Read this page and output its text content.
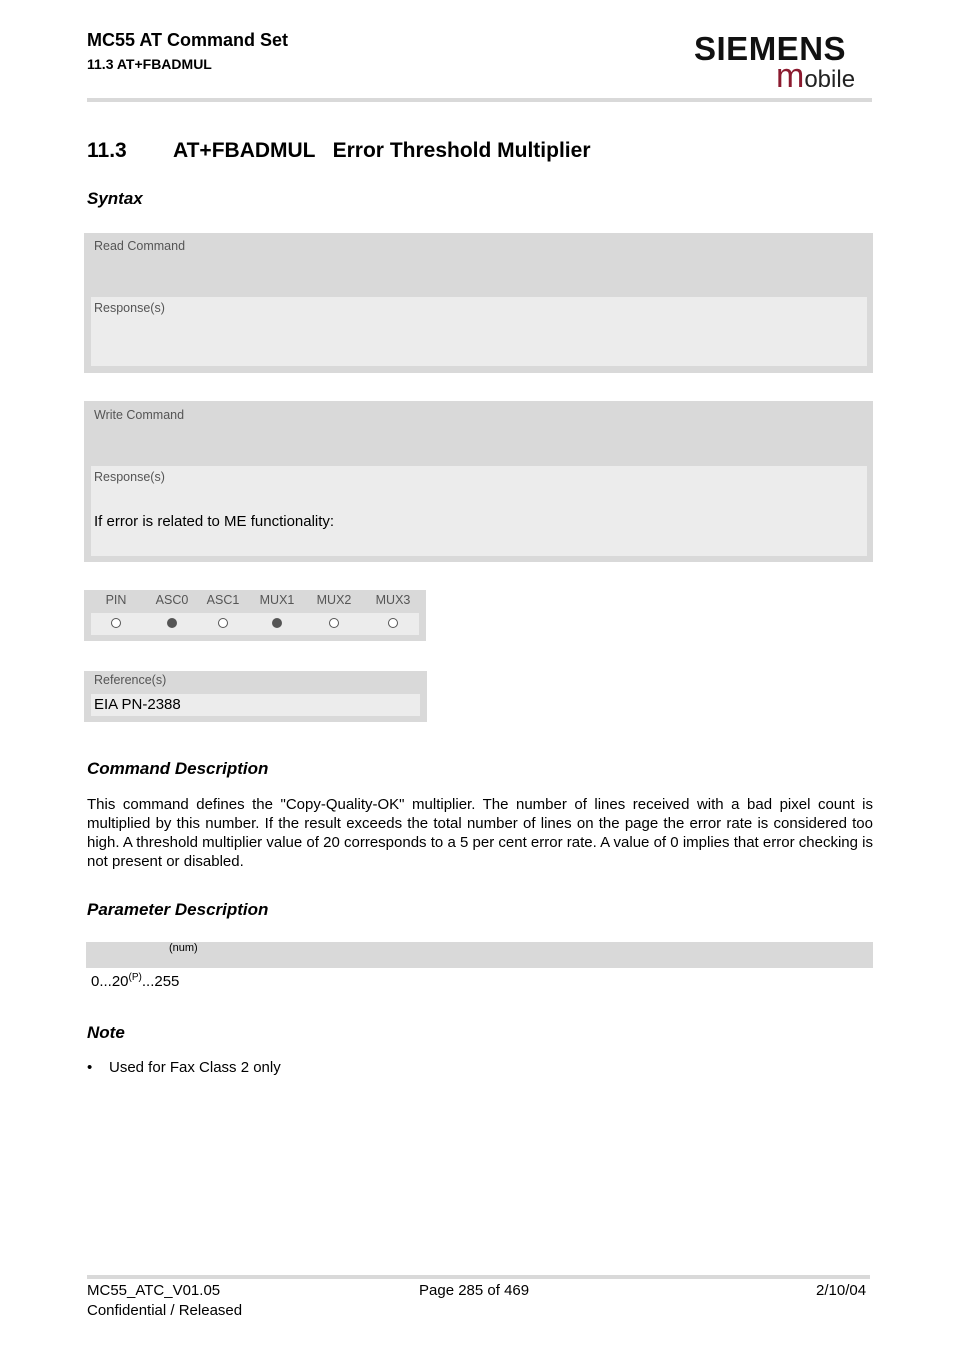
MC55 AT Command Set
11.3 AT+FBADMUL	SIEMENS
mobile
11.3 AT+FBADMUL   Error Threshold Multiplier
Syntax
Read Command
Response(s)
Write Command
Response(s)
If error is related to ME functionality:
PIN	ASC0	ASC1	MUX1	MUX2	MUX3
Reference(s)
EIA PN-2388
Command Description
This command defines the "Copy-Quality-OK" multiplier. The number of lines received with a bad pixel count is multiplied by this number. If the result exceeds the total number of lines on the page the error rate is considered too high. A threshold multiplier value of 20 corresponds to a 5 per cent error rate. A value of 0 implies that error checking is not present or disabled.
Parameter Description
(num)
$0...20^{(P)}...255$
Note
• Used for Fax Class 2 only
MC55_ATC_V01.05
Confidential / Released
Page 285 of 469	2/10/04
